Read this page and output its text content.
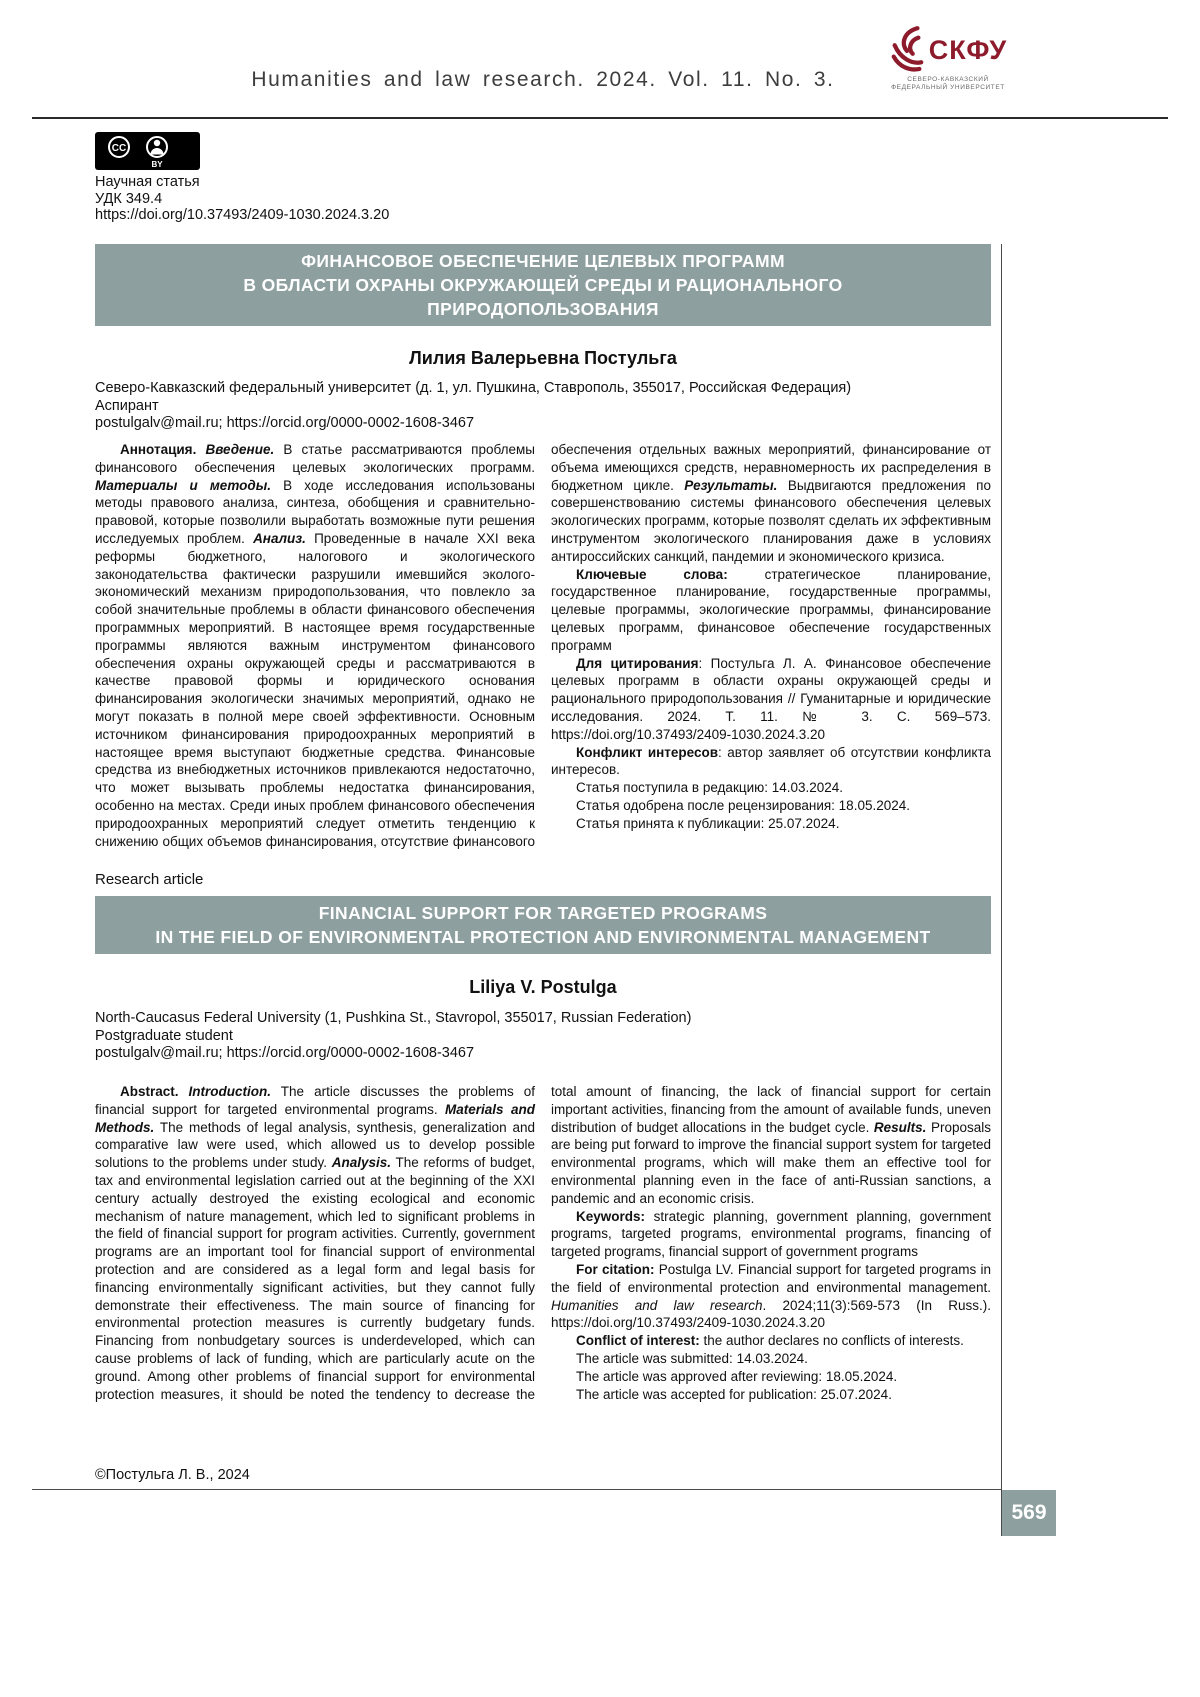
Humanities and law research. 2024. Vol. 11. No. 3.
СКФУ
СЕВЕРО-КАВКАЗСКИЙ
ФЕДЕРАЛЬНЫЙ УНИВЕРСИТЕТ
CC
BY
Научная статья
УДК 349.4
https://doi.org/10.37493/2409-1030.2024.3.20
ФИНАНСОВОЕ ОБЕСПЕЧЕНИЕ ЦЕЛЕВЫХ ПРОГРАММ
В ОБЛАСТИ ОХРАНЫ ОКРУЖАЮЩЕЙ СРЕДЫ И РАЦИОНАЛЬНОГО
ПРИРОДОПОЛЬЗОВАНИЯ
Лилия Валерьевна Постульга
Северо-Кавказский федеральный университет (д. 1, ул. Пушкина, Ставрополь, 355017, Российская Федерация)
Аспирант
postulgalv@mail.ru; https://orcid.org/0000-0002-1608-3467

Аннотация. Введение. В статье рассматриваются проблемы финансового обеспечения целевых экологических программ. Материалы и методы. В ходе исследования использованы методы правового анализа, синтеза, обобщения и сравнительно-правовой, которые позволили выработать возможные пути решения исследуемых проблем. Анализ. Проведенные в начале XXI века реформы бюджетного, налогового и экологического законодательства фактически разрушили имевшийся эколого-экономический механизм природопользования, что повлекло за собой значительные проблемы в области финансового обеспечения программных мероприятий. В настоящее время государственные программы являются важным инструментом финансового обеспечения охраны окружающей среды и рассматриваются в качестве правовой формы и юридического основания финансирования экологически значимых мероприятий, однако не могут показать в полной мере своей эффективности. Основным источником финансирования природоохранных мероприятий в настоящее время выступают бюджетные средства. Финансовые средства из внебюджетных источников привлекаются недостаточно, что может вызывать проблемы недостатка финансирования, особенно на местах. Среди иных проблем финансового обеспечения природоохранных мероприятий следует отметить тенденцию к снижению общих объемов финансирования, отсутствие финансового обеспечения отдельных важных мероприятий, финансирование от объема имеющихся средств, неравномерность их распределения в бюджетном цикле. Результаты. Выдвигаются предложения по совершенствованию системы финансового обеспечения целевых экологических программ, которые позволят сделать их эффективным инструментом экологического планирования даже в условиях антироссийских санкций, пандемии и экономического кризиса.

Ключевые слова: стратегическое планирование, государственное планирование, государственные программы, целевые программы, экологические программы, финансирование целевых программ, финансовое обеспечение государственных программ

Для цитирования: Постульга Л. А. Финансовое обеспечение целевых программ в области охраны окружающей среды и рационального природопользования // Гуманитарные и юридические исследования. 2024. Т. 11. № 3. С. 569–573. https://doi.org/10.37493/2409-1030.2024.3.20

Конфликт интересов: автор заявляет об отсутствии конфликта интересов.

Статья поступила в редакцию: 14.03.2024.

Статья одобрена после рецензирования: 18.05.2024.

Статья принята к публикации: 25.07.2024.

Research article
FINANCIAL SUPPORT FOR TARGETED PROGRAMS
IN THE FIELD OF ENVIRONMENTAL PROTECTION AND ENVIRONMENTAL MANAGEMENT
Liliya V. Postulga
North-Caucasus Federal University (1, Pushkina St., Stavropol, 355017, Russian Federation)
Postgraduate student
postulgalv@mail.ru; https://orcid.org/0000-0002-1608-3467

Abstract. Introduction. The article discusses the problems of financial support for targeted environmental programs. Materials and Methods. The methods of legal analysis, synthesis, generalization and comparative law were used, which allowed us to develop possible solutions to the problems under study. Analysis. The reforms of budget, tax and environmental legislation carried out at the beginning of the XXI century actually destroyed the existing ecological and economic mechanism of nature management, which led to significant problems in the field of financial support for program activities. Currently, government programs are an important tool for financial support of environmental protection and are considered as a legal form and legal basis for financing environmentally significant activities, but they cannot fully demonstrate their effectiveness. The main source of financing for environmental protection measures is currently budgetary funds. Financing from nonbudgetary sources is underdeveloped, which can cause problems of lack of funding, which are particularly acute on the ground. Among other problems of financial support for environmental protection measures, it should be noted the tendency to decrease the total amount of financing, the lack of financial support for certain important activities, financing from the amount of available funds, uneven distribution of budget allocations in the budget cycle. Results. Proposals are being put forward to improve the financial support system for targeted environmental programs, which will make them an effective tool for environmental planning even in the face of anti-Russian sanctions, a pandemic and an economic crisis.

Keywords: strategic planning, government planning, government programs, targeted programs, environmental programs, financing of targeted programs, financial support of government programs

For citation: Postulga LV. Financial support for targeted programs in the field of environmental protection and environmental management. Humanities and law research. 2024;11(3):569-573 (In Russ.). https://doi.org/10.37493/2409-1030.2024.3.20

Conflict of interest: the author declares no conflicts of interests.

The article was submitted: 14.03.2024.

The article was approved after reviewing: 18.05.2024.

The article was accepted for publication: 25.07.2024.

©Постульга Л. В., 2024
569
